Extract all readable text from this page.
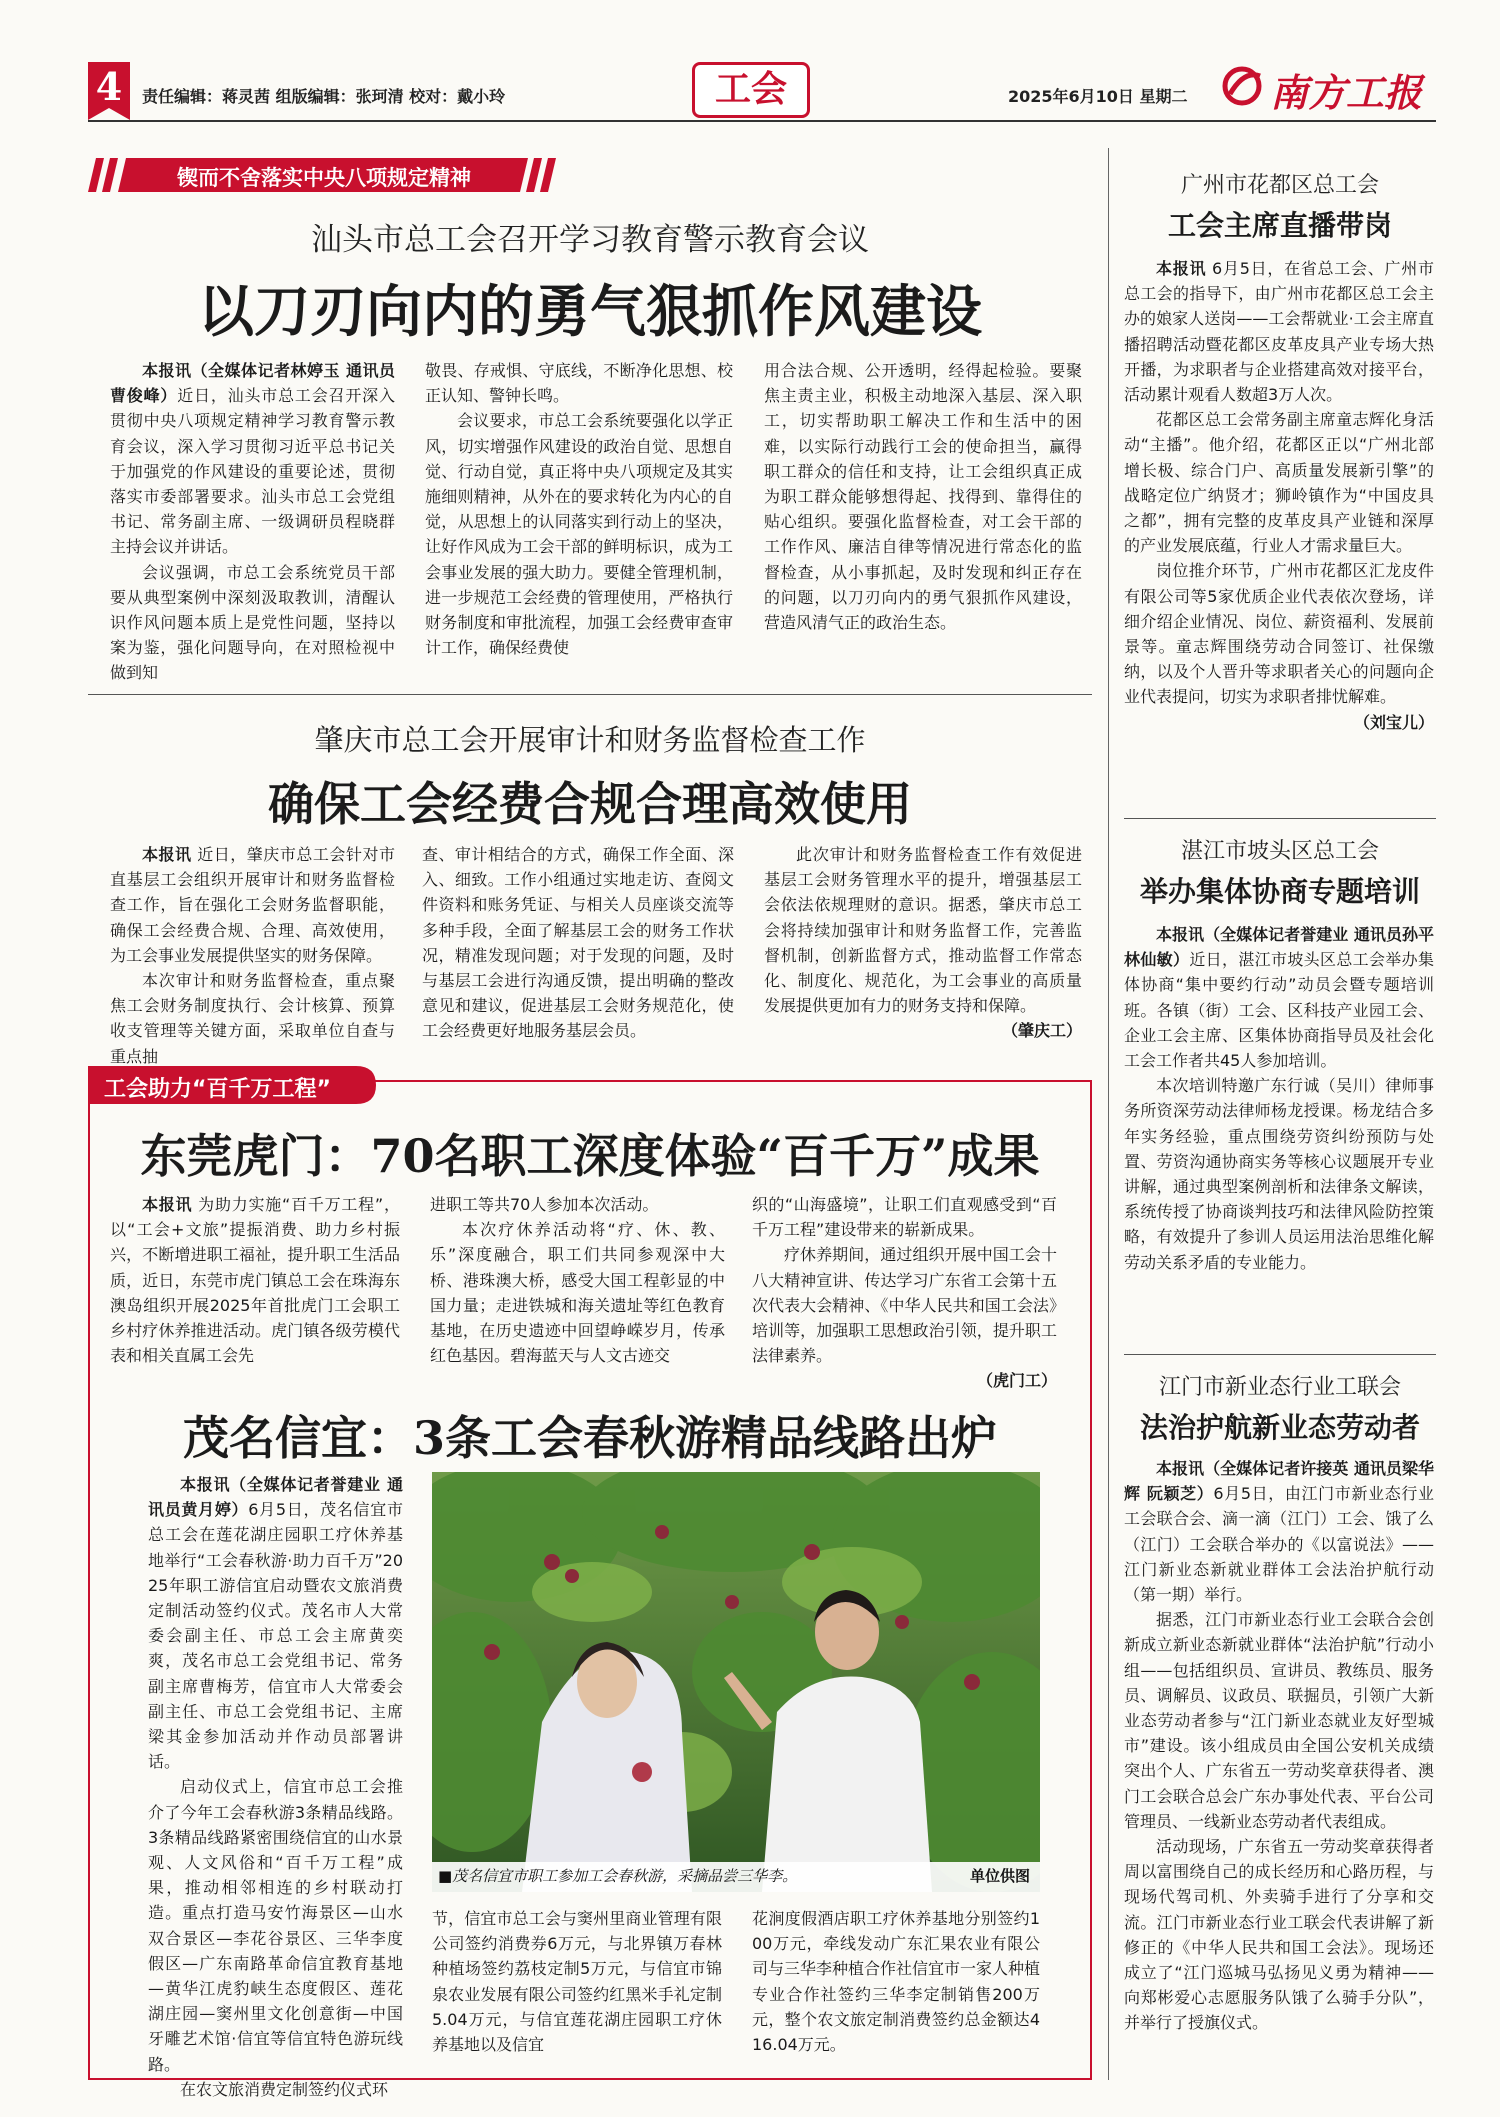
4	责任编辑：蒋灵茜 组版编辑：张珂清 校对：戴小玲	工会	2025年6月10日 星期二 南方工报
锲而不舍落实中央八项规定精神
汕头市总工会召开学习教育警示教育会议
以刀刃向内的勇气狠抓作风建设

本报讯（全媒体记者林婷玉 通讯员曹俊峰）近日，汕头市总工会召开深入贯彻中央八项规定精神学习教育警示教育会议，深入学习贯彻习近平总书记关于加强党的作风建设的重要论述，贯彻落实市委部署要求。汕头市总工会党组书记、常务副主席、一级调研员程晓群主持会议并讲话。

会议强调，市总工会系统党员干部要从典型案例中深刻汲取教训，清醒认识作风问题本质上是党性问题，坚持以案为鉴，强化问题导向，在对照检视中做到知

敬畏、存戒惧、守底线，不断净化思想、校正认知、警钟长鸣。

会议要求，市总工会系统要强化以学正风，切实增强作风建设的政治自觉、思想自觉、行动自觉，真正将中央八项规定及其实施细则精神，从外在的要求转化为内心的自觉，从思想上的认同落实到行动上的坚决，让好作风成为工会干部的鲜明标识，成为工会事业发展的强大助力。要健全管理机制，进一步规范工会经费的管理使用，严格执行财务制度和审批流程，加强工会经费审查审计工作，确保经费使

用合法合规、公开透明，经得起检验。要聚焦主责主业，积极主动地深入基层、深入职工，切实帮助职工解决工作和生活中的困难，以实际行动践行工会的使命担当，赢得职工群众的信任和支持，让工会组织真正成为职工群众能够想得起、找得到、靠得住的贴心组织。要强化监督检查，对工会干部的工作作风、廉洁自律等情况进行常态化的监督检查，从小事抓起，及时发现和纠正存在的问题，以刀刃向内的勇气狠抓作风建设，营造风清气正的政治生态。

肇庆市总工会开展审计和财务监督检查工作
确保工会经费合规合理高效使用

本报讯 近日，肇庆市总工会针对市直基层工会组织开展审计和财务监督检查工作，旨在强化工会财务监督职能，确保工会经费合规、合理、高效使用，为工会事业发展提供坚实的财务保障。

本次审计和财务监督检查，重点聚焦工会财务制度执行、会计核算、预算收支管理等关键方面，采取单位自查与重点抽

查、审计相结合的方式，确保工作全面、深入、细致。工作小组通过实地走访、查阅文件资料和账务凭证、与相关人员座谈交流等多种手段，全面了解基层工会的财务工作状况，精准发现问题；对于发现的问题，及时与基层工会进行沟通反馈，提出明确的整改意见和建议，促进基层工会财务规范化，使工会经费更好地服务基层会员。

此次审计和财务监督检查工作有效促进基层工会财务管理水平的提升，增强基层工会依法依规理财的意识。据悉，肇庆市总工会将持续加强审计和财务监督工作，完善监督机制，创新监督方式，推动监督工作常态化、制度化、规范化，为工会事业的高质量发展提供更加有力的财务支持和保障。

（肇庆工）
工会助力“百千万工程”
东莞虎门：70名职工深度体验“百千万”成果

本报讯 为助力实施“百千万工程”，以“工会+文旅”提振消费、助力乡村振兴，不断增进职工福祉，提升职工生活品质，近日，东莞市虎门镇总工会在珠海东澳岛组织开展2025年首批虎门工会职工乡村疗休养推进活动。虎门镇各级劳模代表和相关直属工会先

进职工等共70人参加本次活动。

本次疗休养活动将“疗、休、教、乐”深度融合，职工们共同参观深中大桥、港珠澳大桥，感受大国工程彰显的中国力量；走进铁城和海关遗址等红色教育基地，在历史遗迹中回望峥嵘岁月，传承红色基因。碧海蓝天与人文古迹交

织的“山海盛境”，让职工们直观感受到“百千万工程”建设带来的崭新成果。

疗休养期间，通过组织开展中国工会十八大精神宣讲、传达学习广东省工会第十五次代表大会精神、《中华人民共和国工会法》培训等，加强职工思想政治引领，提升职工法律素养。

（虎门工）
茂名信宜：3条工会春秋游精品线路出炉

本报讯（全媒体记者誉建业 通讯员黄月婷）6月5日，茂名信宜市总工会在莲花湖庄园职工疗休养基地举行“工会春秋游·助力百千万”2025年职工游信宜启动暨农文旅消费定制活动签约仪式。茂名市人大常委会副主任、市总工会主席黄奕爽，茂名市总工会党组书记、常务副主席曹梅芳，信宜市人大常委会副主任、市总工会党组书记、主席梁其金参加活动并作动员部署讲话。

启动仪式上，信宜市总工会推介了今年工会春秋游3条精品线路。3条精品线路紧密围绕信宜的山水景观、人文风俗和“百千万工程”成果，推动相邻相连的乡村联动打造。重点打造马安竹海景区—山水双合景区—李花谷景区、三华李度假区—广东南路革命信宜教育基地—黄华江虎豹峡生态度假区、莲花湖庄园—窦州里文化创意街—中国牙雕艺术馆·信宜等信宜特色游玩线路。

在农文旅消费定制签约仪式环

■茂名信宜市职工参加工会春秋游，采摘品尝三华李。	单位供图

节，信宜市总工会与窦州里商业管理有限公司签约消费券6万元，与北界镇万春林种植场签约荔枝定制5万元，与信宜市锦泉农业发展有限公司签约红黑米手礼定制5.04万元，与信宜莲花湖庄园职工疗休养基地以及信宜

花涧度假酒店职工疗休养基地分别签约100万元，牵线发动广东汇果农业有限公司与三华李种植合作社信宜市一家人种植专业合作社签约三华李定制销售200万元，整个农文旅定制消费签约总金额达416.04万元。

广州市花都区总工会
工会主席直播带岗

本报讯 6月5日，在省总工会、广州市总工会的指导下，由广州市花都区总工会主办的娘家人送岗——工会帮就业·工会主席直播招聘活动暨花都区皮革皮具产业专场大热开播，为求职者与企业搭建高效对接平台，活动累计观看人数超3万人次。

花都区总工会常务副主席童志辉化身活动“主播”。他介绍，花都区正以“广州北部增长极、综合门户、高质量发展新引擎”的战略定位广纳贤才；狮岭镇作为“中国皮具之都”，拥有完整的皮革皮具产业链和深厚的产业发展底蕴，行业人才需求量巨大。

岗位推介环节，广州市花都区汇龙皮件有限公司等5家优质企业代表依次登场，详细介绍企业情况、岗位、薪资福利、发展前景等。童志辉围绕劳动合同签订、社保缴纳，以及个人晋升等求职者关心的问题向企业代表提问，切实为求职者排忧解难。

（刘宝儿）
湛江市坡头区总工会
举办集体协商专题培训

本报讯（全媒体记者誉建业 通讯员孙平 林仙敏）近日，湛江市坡头区总工会举办集体协商“集中要约行动”动员会暨专题培训班。各镇（街）工会、区科技产业园工会、企业工会主席、区集体协商指导员及社会化工会工作者共45人参加培训。

本次培训特邀广东行诚（吴川）律师事务所资深劳动法律师杨龙授课。杨龙结合多年实务经验，重点围绕劳资纠纷预防与处置、劳资沟通协商实务等核心议题展开专业讲解，通过典型案例剖析和法律条文解读，系统传授了协商谈判技巧和法律风险防控策略，有效提升了参训人员运用法治思维化解劳动关系矛盾的专业能力。

江门市新业态行业工联会
法治护航新业态劳动者

本报讯（全媒体记者许接英 通讯员梁华辉 阮颖芝）6月5日，由江门市新业态行业工会联合会、滴一滴（江门）工会、饿了么（江门）工会联合举办的《以富说法》——江门新业态新就业群体工会法治护航行动（第一期）举行。

据悉，江门市新业态行业工会联合会创新成立新业态新就业群体“法治护航”行动小组——包括组织员、宣讲员、教练员、服务员、调解员、议政员、联掘员，引领广大新业态劳动者参与“江门新业态就业友好型城市”建设。该小组成员由全国公安机关成绩突出个人、广东省五一劳动奖章获得者、澳门工会联合总会广东办事处代表、平台公司管理员、一线新业态劳动者代表组成。

活动现场，广东省五一劳动奖章获得者周以富围绕自己的成长经历和心路历程，与现场代驾司机、外卖骑手进行了分享和交流。江门市新业态行业工联会代表讲解了新修正的《中华人民共和国工会法》。现场还成立了“江门巡城马弘扬见义勇为精神——向郑彬爱心志愿服务队饿了么骑手分队”，并举行了授旗仪式。
